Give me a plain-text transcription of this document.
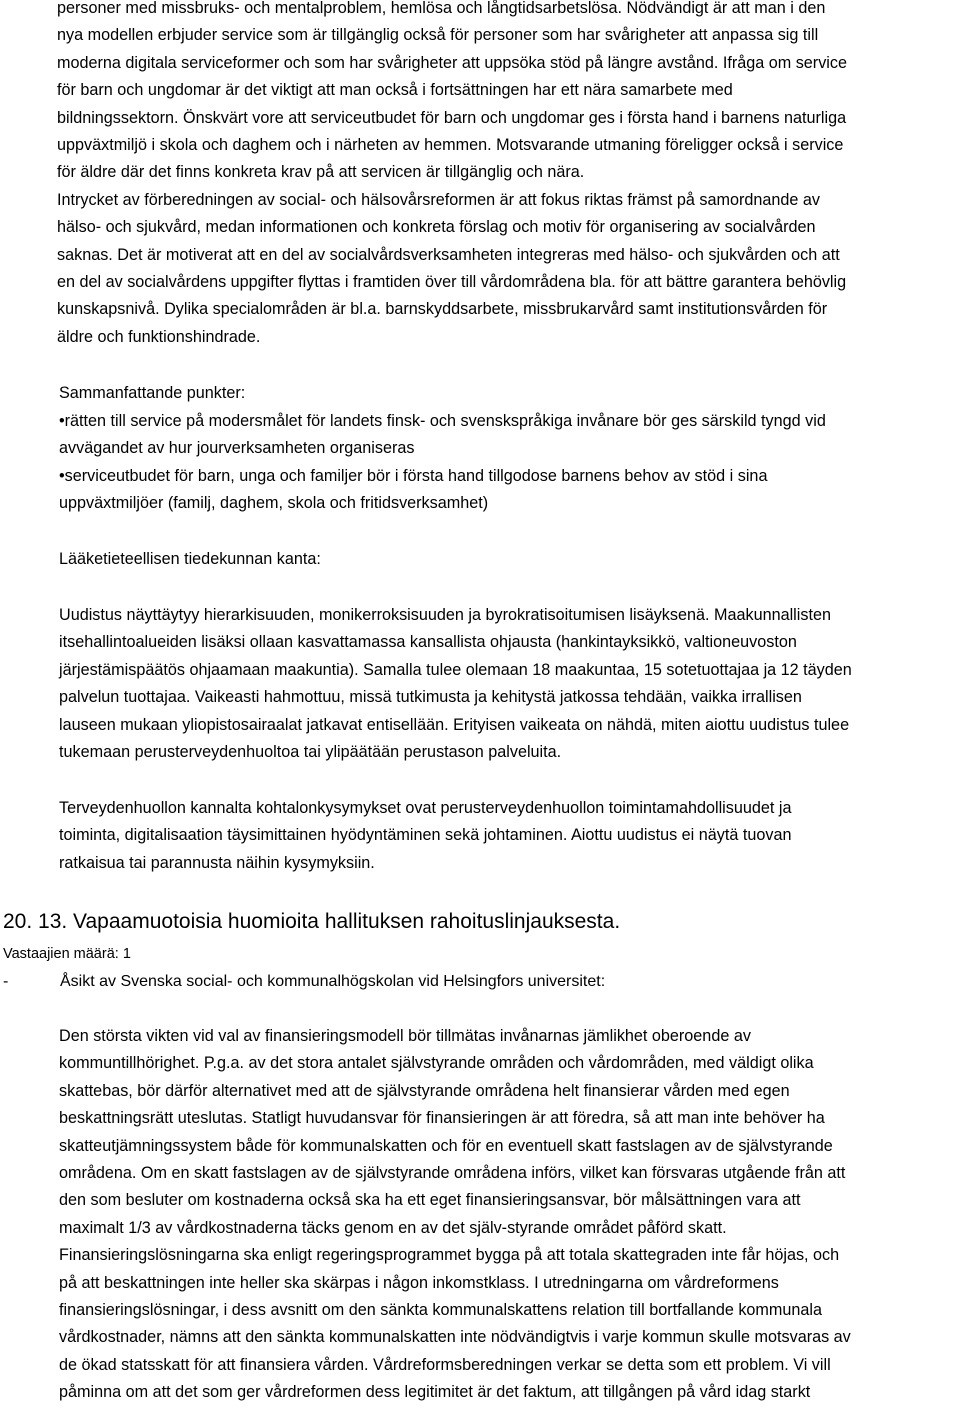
personer med missbruks- och mentalproblem, hemlösa och långtidsarbetslösa. Nödvändigt är att man i den
nya modellen erbjuder service som är tillgänglig också för personer som har svårigheter att anpassa sig till
moderna digitala serviceformer och som har svårigheter att uppsöka stöd på längre avstånd. Ifråga om service
för barn och ungdomar är det viktigt att man också i fortsättningen har ett nära samarbete med
bildningssektorn. Önskvärt vore att serviceutbudet för barn och ungdomar ges i första hand i barnens naturliga
uppväxtmiljö i skola och daghem och i närheten av hemmen. Motsvarande utmaning föreligger också i service
för äldre där det finns konkreta krav på att servicen är tillgänglig och nära.
Intrycket av förberedningen av social- och hälsovårsreformen är att fokus riktas främst på samordnande av
hälso- och sjukvård, medan informationen och konkreta förslag och motiv för organisering av socialvården
saknas. Det är motiverat att en del av socialvårdsverksamheten integreras med hälso- och sjukvården och att
en del av socialvårdens uppgifter flyttas i framtiden över till vårdområdena bla. för att bättre garantera behövlig
kunskapsnivå. Dylika specialområden är bl.a. barnskyddsarbete, missbrukarvård samt institutionsvården för
äldre och funktionshindrade.

Sammanfattande punkter:

•rätten till service på modersmålet för landets finsk- och svenskspråkiga invånare bör ges särskild tyngd vid
avvägandet av hur jourverksamheten organiseras

•serviceutbudet för barn, unga och familjer bör i första hand tillgodose barnens behov av stöd i sina
uppväxtmiljöer (familj, daghem, skola och fritidsverksamhet)

Lääketieteellisen tiedekunnan kanta:

Uudistus näyttäytyy hierarkisuuden, monikerroksisuuden ja byrokratisoitumisen lisäyksenä. Maakunnallisten
itsehallintoalueiden lisäksi ollaan kasvattamassa kansallista ohjausta (hankintayksikkö, valtioneuvoston
järjestämispäätös ohjaamaan maakuntia). Samalla tulee olemaan 18 maakuntaa, 15 sotetuottajaa ja 12 täyden
palvelun tuottajaa. Vaikeasti hahmottuu, missä tutkimusta ja kehitystä jatkossa tehdään, vaikka irrallisen
lauseen mukaan yliopistosairaalat jatkavat entisellään. Erityisen vaikeata on nähdä, miten aiottu uudistus tulee
tukemaan perusterveydenhuoltoa tai ylipäätään perustason palveluita.

Terveydenhuollon kannalta kohtalonkysymykset ovat perusterveydenhuollon toimintamahdollisuudet ja
toiminta, digitalisaation täysimittainen hyödyntäminen sekä johtaminen. Aiottu uudistus ei näytä tuovan
ratkaisua tai parannusta näihin kysymyksiin.

20. 13. Vapaamuotoisia huomioita hallituksen rahoituslinjauksesta.
Vastaajien määrä: 1
-	Åsikt av Svenska social- och kommunalhögskolan vid Helsingfors universitet:

Den största vikten vid val av finansieringsmodell bör tillmätas invånarnas jämlikhet oberoende av
kommuntillhörighet. P.g.a. av det stora antalet självstyrande områden och vårdområden, med väldigt olika
skattebas, bör därför alternativet med att de självstyrande områdena helt finansierar vården med egen
beskattningsrätt uteslutas. Statligt huvudansvar för finansieringen är att föredra, så att man inte behöver ha
skatteutjämningssystem både för kommunalskatten och för en eventuell skatt fastslagen av de självstyrande
områdena. Om en skatt fastslagen av de självstyrande områdena införs, vilket kan försvaras utgående från att
den som besluter om kostnaderna också ska ha ett eget finansieringsansvar, bör målsättningen vara att
maximalt 1/3 av vårdkostnaderna täcks genom en av det själv-styrande området påförd skatt.
Finansieringslösningarna ska enligt regeringsprogrammet bygga på att totala skattegraden inte får höjas, och
på att beskattningen inte heller ska skärpas i någon inkomstklass. I utredningarna om vårdreformens
finansieringslösningar, i dess avsnitt om den sänkta kommunalskattens relation till bortfallande kommunala
vårdkostnader, nämns att den sänkta kommunalskatten inte nödvändigtvis i varje kommun skulle motsvaras av
de ökad statsskatt för att finansiera vården. Vårdreformsberedningen verkar se detta som ett problem. Vi vill
påminna om att det som ger vårdreformen dess legitimitet är det faktum, att tillgången på vård idag starkt
